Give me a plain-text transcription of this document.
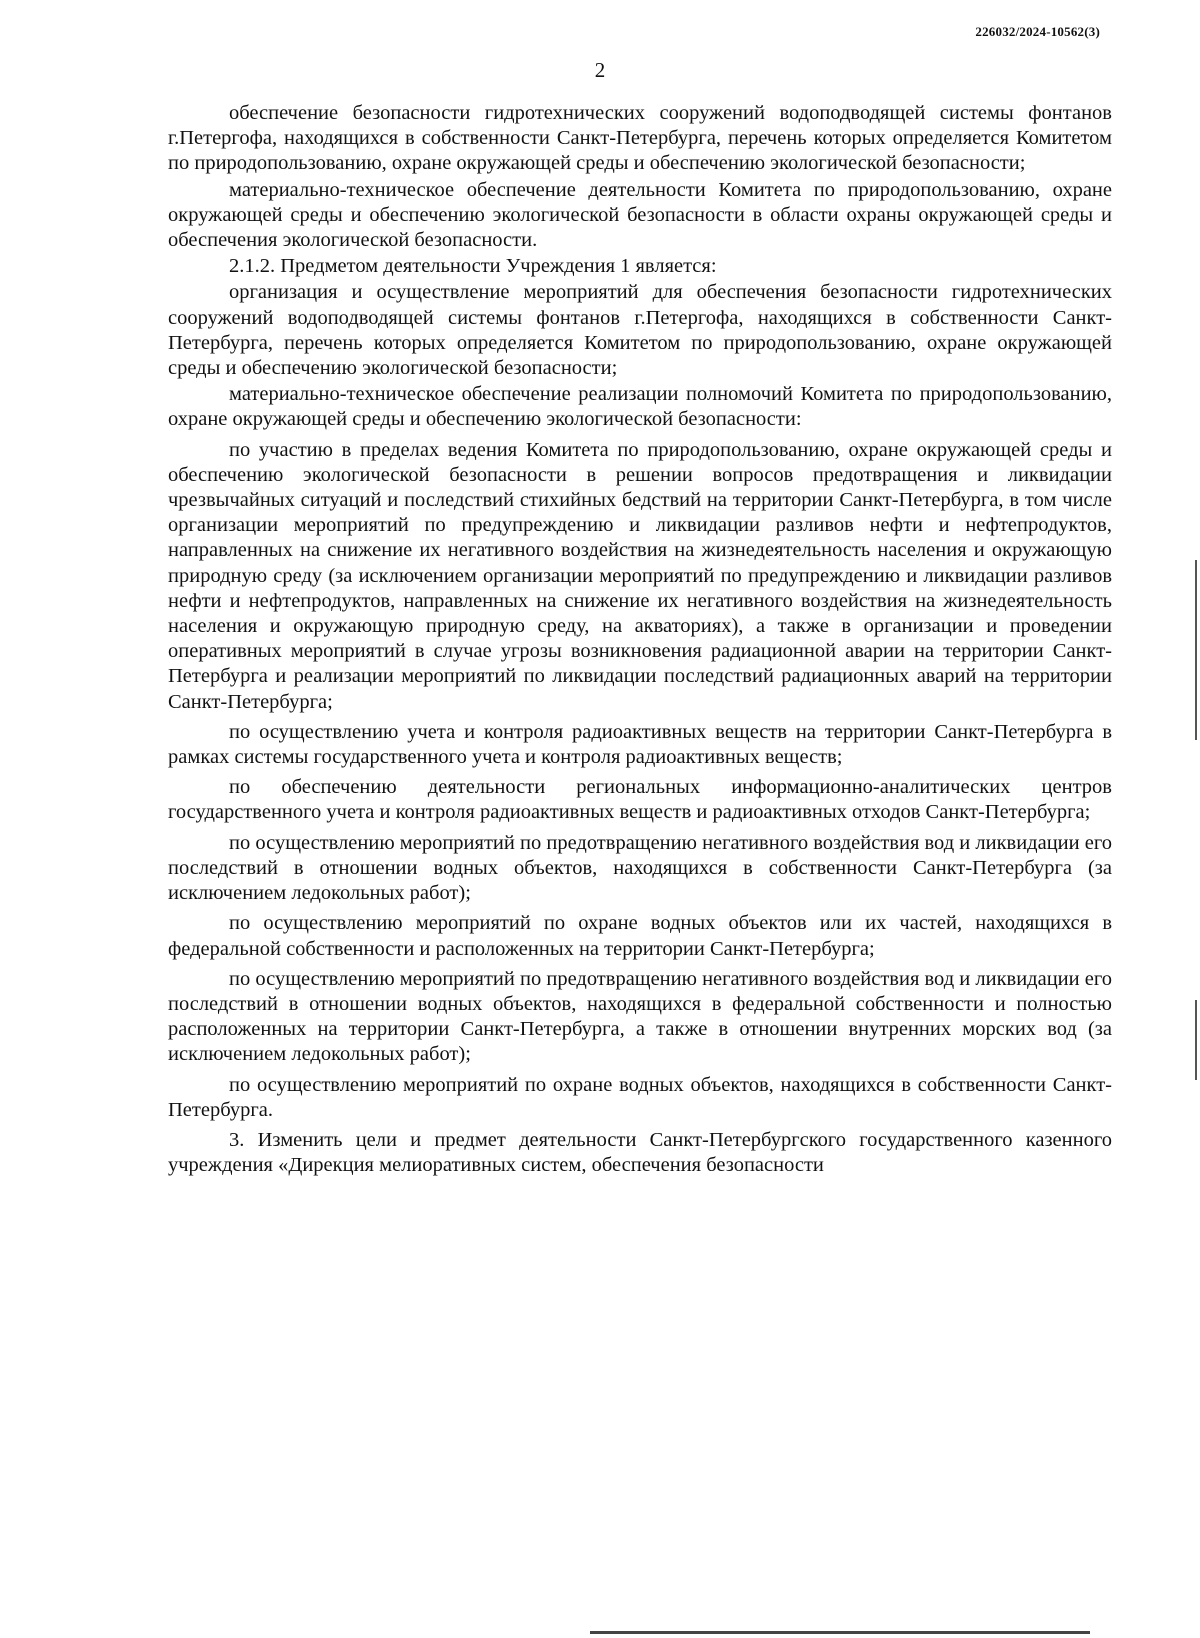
226032/2024-10562(3)
2

обеспечение безопасности гидротехнических сооружений водоподводящей системы фонтанов г.Петергофа, находящихся в собственности Санкт-Петербурга, перечень которых определяется Комитетом по природопользованию, охране окружающей среды и обеспечению экологической безопасности;

материально-техническое обеспечение деятельности Комитета по природопользованию, охране окружающей среды и обеспечению экологической безопасности в области охраны окружающей среды и обеспечения экологической безопасности.

2.1.2. Предметом деятельности Учреждения 1 является:

организация и осуществление мероприятий для обеспечения безопасности гидротехнических сооружений водоподводящей системы фонтанов г.Петергофа, находящихся в собственности Санкт-Петербурга, перечень которых определяется Комитетом по природопользованию, охране окружающей среды и обеспечению экологической безопасности;

материально-техническое обеспечение реализации полномочий Комитета по природопользованию, охране окружающей среды и обеспечению экологической безопасности:

по участию в пределах ведения Комитета по природопользованию, охране окружающей среды и обеспечению экологической безопасности в решении вопросов предотвращения и ликвидации чрезвычайных ситуаций и последствий стихийных бедствий на территории Санкт-Петербурга, в том числе организации мероприятий по предупреждению и ликвидации разливов нефти и нефтепродуктов, направленных на снижение их негативного воздействия на жизнедеятельность населения и окружающую природную среду (за исключением организации мероприятий по предупреждению и ликвидации разливов нефти и нефтепродуктов, направленных на снижение их негативного воздействия на жизнедеятельность населения и окружающую природную среду, на акваториях), а также в организации и проведении оперативных мероприятий в случае угрозы возникновения радиационной аварии на территории Санкт-Петербурга и реализации мероприятий по ликвидации последствий радиационных аварий на территории Санкт-Петербурга;

по осуществлению учета и контроля радиоактивных веществ на территории Санкт-Петербурга в рамках системы государственного учета и контроля радиоактивных веществ;

по обеспечению деятельности региональных информационно-аналитических центров государственного учета и контроля радиоактивных веществ и радиоактивных отходов Санкт-Петербурга;

по осуществлению мероприятий по предотвращению негативного воздействия вод и ликвидации его последствий в отношении водных объектов, находящихся в собственности Санкт-Петербурга (за исключением ледокольных работ);

по осуществлению мероприятий по охране водных объектов или их частей, находящихся в федеральной собственности и расположенных на территории Санкт-Петербурга;

по осуществлению мероприятий по предотвращению негативного воздействия вод и ликвидации его последствий в отношении водных объектов, находящихся в федеральной собственности и полностью расположенных на территории Санкт-Петербурга, а также в отношении внутренних морских вод (за исключением ледокольных работ);

по осуществлению мероприятий по охране водных объектов, находящихся в собственности Санкт-Петербурга.

3. Изменить цели и предмет деятельности Санкт-Петербургского государственного казенного учреждения «Дирекция мелиоративных систем, обеспечения безопасности
